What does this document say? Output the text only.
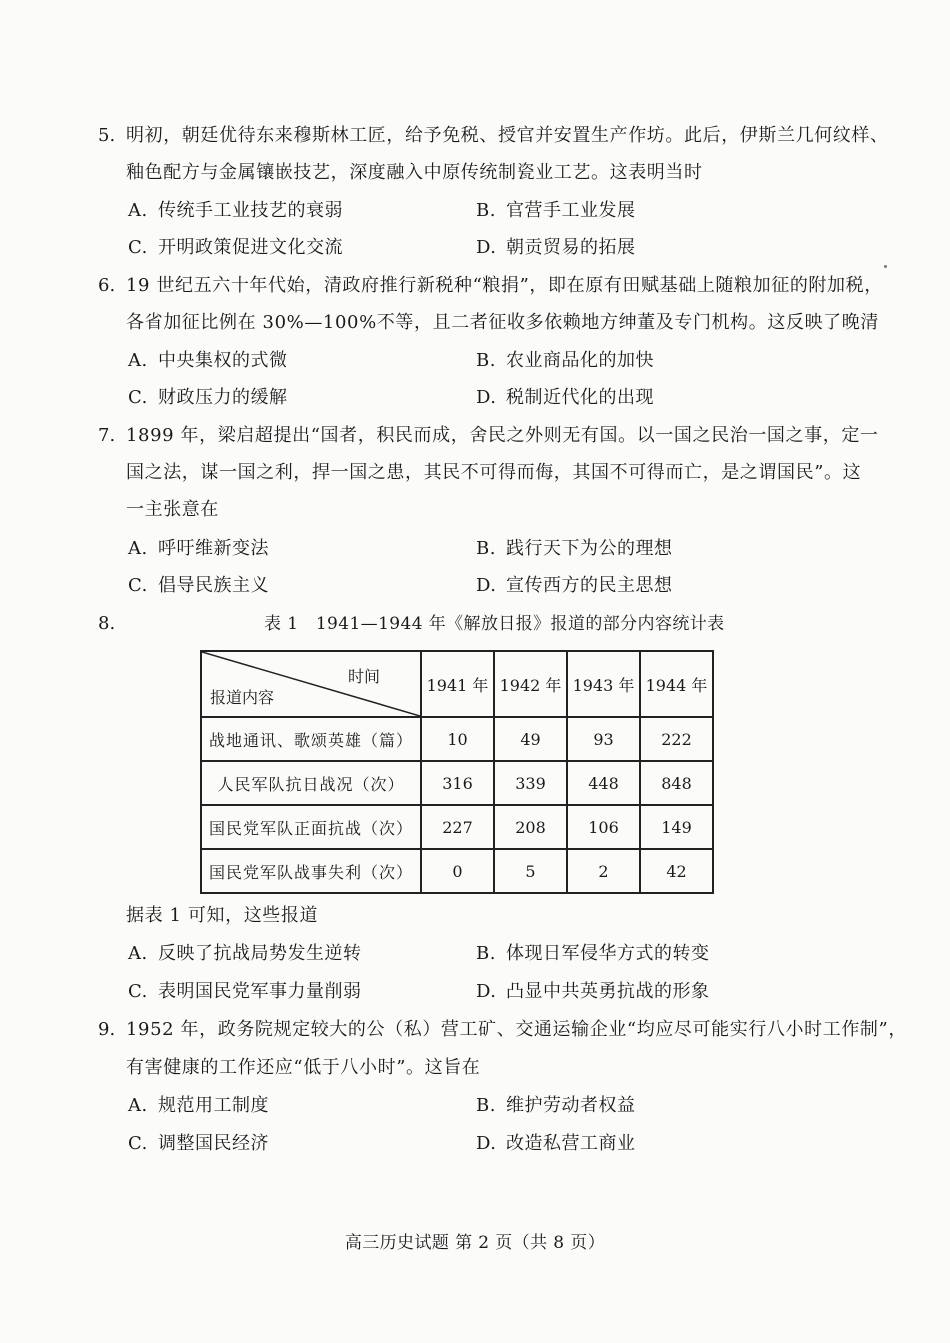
5. 明初，朝廷优待东来穆斯林工匠，给予免税、授官并安置生产作坊。此后，伊斯兰几何纹样、
釉色配方与金属镶嵌技艺，深度融入中原传统制瓷业工艺。这表明当时
A. 传统手工业技艺的衰弱	B. 官营手工业发展
C. 开明政策促进文化交流	D. 朝贡贸易的拓展
6. 19 世纪五六十年代始，清政府推行新税种“粮捐”，即在原有田赋基础上随粮加征的附加税，
各省加征比例在 30%—100%不等，且二者征收多依赖地方绅董及专门机构。这反映了晚清
A. 中央集权的式微	B. 农业商品化的加快
C. 财政压力的缓解	D. 税制近代化的出现
7. 1899 年，梁启超提出“国者，积民而成，舍民之外则无有国。以一国之民治一国之事，定一
国之法，谋一国之利，捍一国之患，其民不可得而侮，其国不可得而亡，是之谓国民”。这
一主张意在
A. 呼吁维新变法	B. 践行天下为公的理想
C. 倡导民族主义	D. 宣传西方的民主思想
8.	表 1　1941—1944 年《解放日报》报道的部分内容统计表
时间
报道内容	1941 年	1942 年	1943 年	1944 年
战地通讯、歌颂英雄（篇）	10	49	93	222
人民军队抗日战况（次）	316	339	448	848
国民党军队正面抗战（次）	227	208	106	149
国民党军队战事失利（次）	0	5	2	42
据表 1 可知，这些报道
A. 反映了抗战局势发生逆转	B. 体现日军侵华方式的转变
C. 表明国民党军事力量削弱	D. 凸显中共英勇抗战的形象
9. 1952 年，政务院规定较大的公（私）营工矿、交通运输企业“均应尽可能实行八小时工作制”，
有害健康的工作还应“低于八小时”。这旨在
A. 规范用工制度	B. 维护劳动者权益
C. 调整国民经济	D. 改造私营工商业
高三历史试题 第 2 页（共 8 页）
